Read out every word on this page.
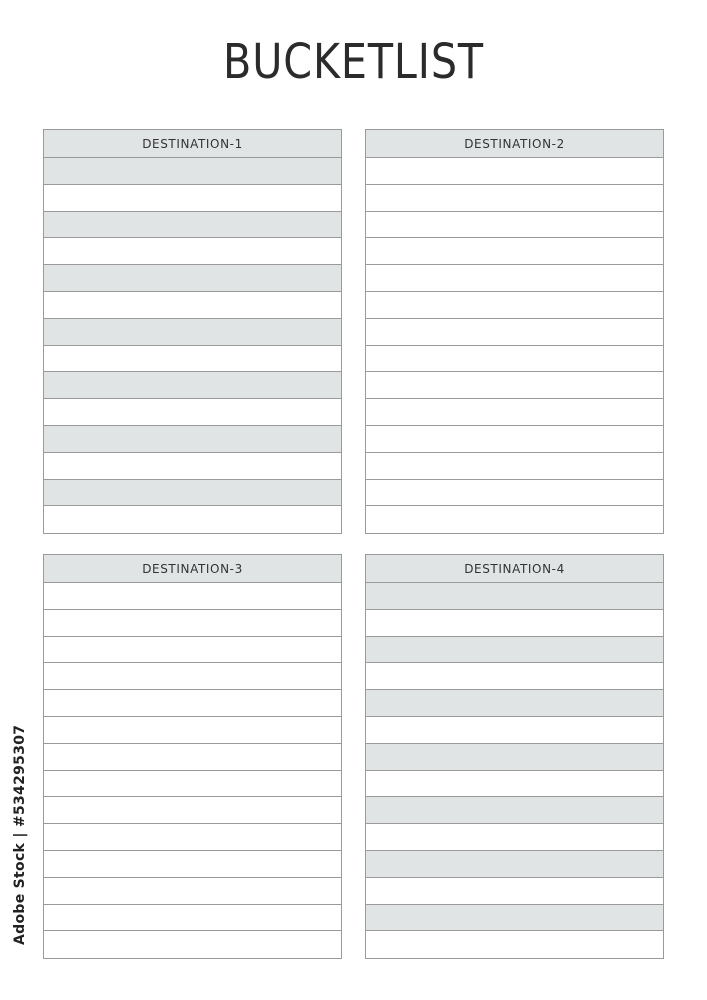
BUCKETLIST
DESTINATION-1	DESTINATION-2
DESTINATION-3	DESTINATION-4
Adobe Stock | #534295307
